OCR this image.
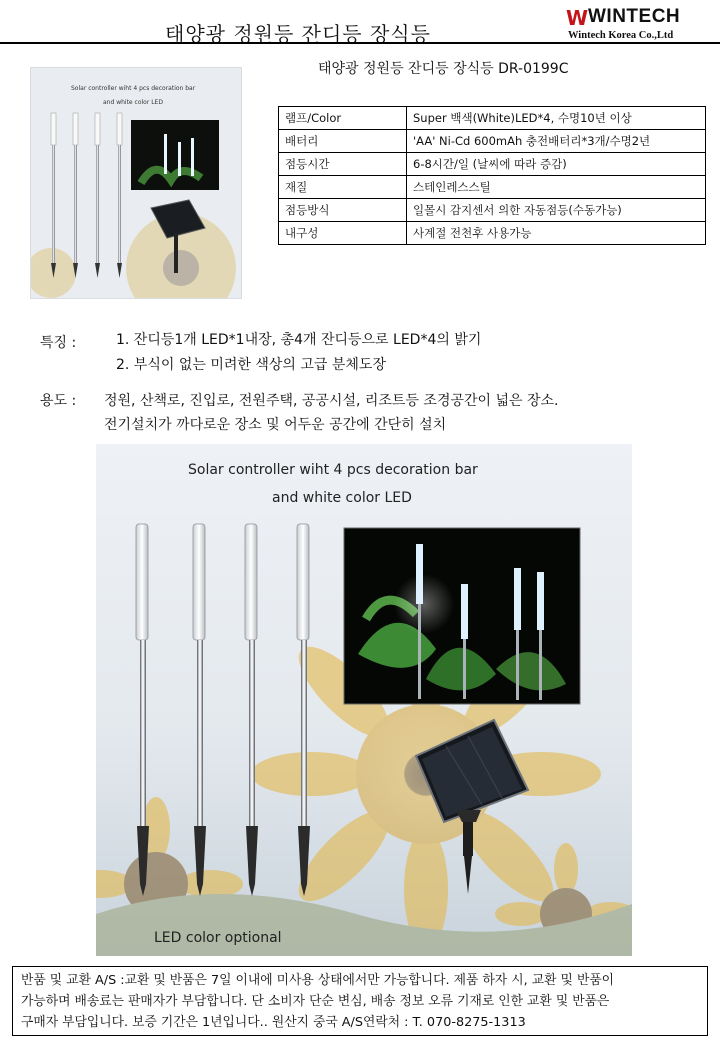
태양광 정원등 잔디등 장식등
W WINTECH
Wintech Korea Co.,Ltd
태양광 정원등 잔디등 장식등 DR-0199C
Solar controller wiht 4 pcs decoration bar
and white color LED
램프/Color	Super 백색(White)LED*4, 수명10년 이상
배터리	'AA' Ni-Cd 600mAh 충전배터리*3개/수명2년
점등시간	6-8시간/일 (날씨에 따라 증감)
재질	스테인레스스틸
점등방식	일몰시 감지센서 의한 자동점등(수동가능)
내구성	사계절 전천후 사용가능
특징 :	1. 잔디등1개 LED*1내장, 총4개 잔디등으로 LED*4의 밝기
2. 부식이 없는 미려한 색상의 고급 분체도장
용도 : 정원, 산책로, 진입로, 전원주택, 공공시설, 리조트등 조경공간이 넓은 장소.
전기설치가 까다로운 장소 및 어두운 공간에 간단히 설치
Solar controller wiht 4 pcs decoration bar
and white color LED
LED color optional
반품 및 교환 A/S :교환 및 반품은 7일 이내에 미사용 상태에서만 가능합니다. 제품 하자 시, 교환 및 반품이
가능하며 배송료는 판매자가 부담합니다. 단 소비자 단순 변심, 배송 정보 오류 기재로 인한 교환 및 반품은
구매자 부담입니다. 보증 기간은 1년입니다.. 원산지 중국 A/S연락처 : T. 070-8275-1313
